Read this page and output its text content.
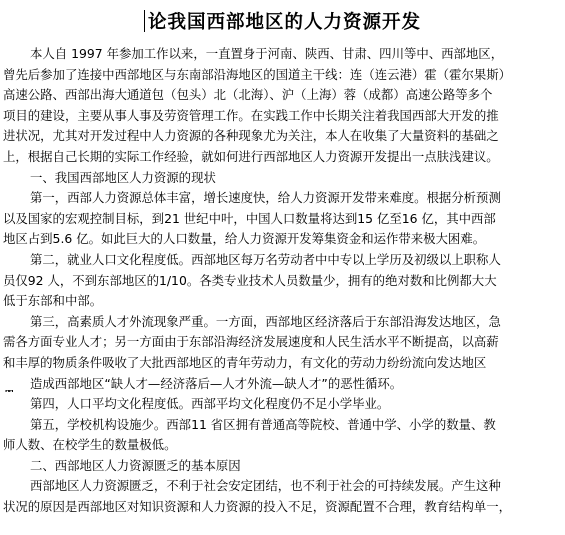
论我国西部地区的人力资源开发
本人自 1997 年参加工作以来，一直置身于河南、陕西、甘肃、四川等中、西部地区，
曾先后参加了连接中西部地区与东南部沿海地区的国道主干线：连（连云港）霍（霍尔果斯）
高速公路、西部出海大通道包（包头）北（北海）、沪（上海）蓉（成都）高速公路等多个
项目的建设，主要从事人事及劳资管理工作。在实践工作中长期关注着我国西部大开发的推
进状况，尤其对开发过程中人力资源的各种现象尤为关注，本人在收集了大量资料的基础之
上，根据自己长期的实际工作经验，就如何进行西部地区人力资源开发提出一点肤浅建议。
一、我国西部地区人力资源的现状
第一，西部人力资源总体丰富，增长速度快，给人力资源开发带来难度。根据分析预测
以及国家的宏观控制目标，到21 世纪中叶，中国人口数量将达到15 亿至16 亿，其中西部
地区占到5.6 亿。如此巨大的人口数量，给人力资源开发筹集资金和运作带来极大困难。
第二，就业人口文化程度低。西部地区每万名劳动者中中专以上学历及初级以上职称人
员仅92 人，不到东部地区的1/10。各类专业技术人员数量少，拥有的绝对数和比例都大大
低于东部和中部。
第三，高素质人才外流现象严重。一方面，西部地区经济落后于东部沿海发达地区，急
需各方面专业人才；另一方面由于东部沿海经济发展速度和人民生活水平不断提高，以高薪
和丰厚的物质条件吸收了大批西部地区的青年劳动力，有文化的劳动力纷纷流向发达地区
造成西部地区“缺人才—经济落后—人才外流—缺人才”的恶性循环。
第四，人口平均文化程度低。西部平均文化程度仍不足小学毕业。
第五，学校机构设施少。西部11 省区拥有普通高等院校、普通中学、小学的数量、教
师人数、在校学生的数量极低。
二、西部地区人力资源匮乏的基本原因
西部地区人力资源匮乏，不利于社会安定团结，也不利于社会的可持续发展。产生这种
状况的原因是西部地区对知识资源和人力资源的投入不足，资源配置不合理，教育结构单一，
ᵸᵸ
